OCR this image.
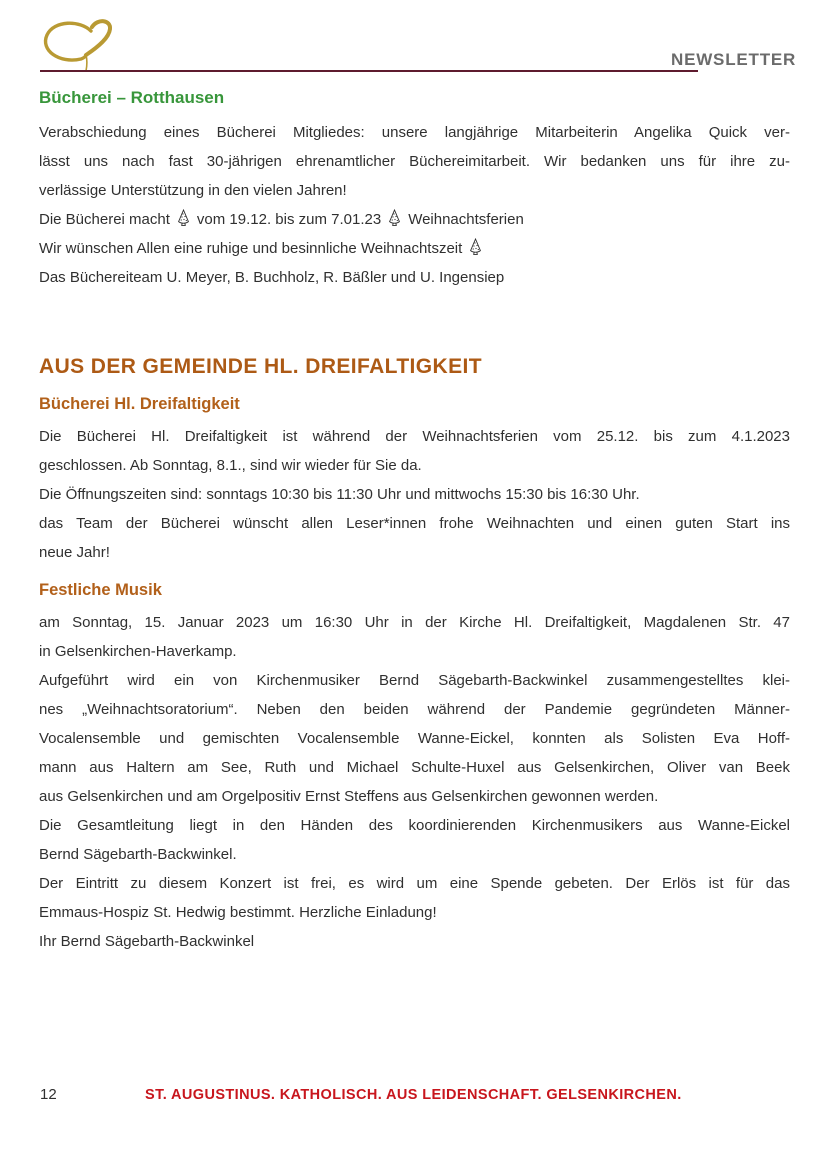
NEWSLETTER
Bücherei – Rotthausen
Verabschiedung eines Bücherei Mitgliedes: unsere langjährige Mitarbeiterin Angelika Quick ver-
lässt uns nach fast 30-jährigen ehrenamtlicher Büchereimitarbeit. Wir bedanken uns für ihre zu-
verlässige Unterstützung in den vielen Jahren!
Die Bücherei macht vom 19.12. bis zum 7.01.23 Weihnachtsferien
Wir wünschen Allen eine ruhige und besinnliche Weihnachtszeit
Das Büchereiteam U. Meyer, B. Buchholz, R. Bäßler und U. Ingensiep
AUS DER GEMEINDE HL. DREIFALTIGKEIT
Bücherei Hl. Dreifaltigkeit
Die Bücherei Hl. Dreifaltigkeit ist während der Weihnachtsferien vom 25.12. bis zum 4.1.2023
geschlossen. Ab Sonntag, 8.1., sind wir wieder für Sie da.
Die Öffnungszeiten sind: sonntags 10:30 bis 11:30 Uhr und mittwochs 15:30 bis 16:30 Uhr.
das Team der Bücherei wünscht allen Leser*innen frohe Weihnachten und einen guten Start ins
neue Jahr!
Festliche Musik
am Sonntag, 15. Januar 2023 um 16:30 Uhr in der Kirche Hl. Dreifaltigkeit, Magdalenen Str. 47
in Gelsenkirchen-Haverkamp.
Aufgeführt wird ein von Kirchenmusiker Bernd Sägebarth-Backwinkel zusammengestelltes klei-
nes „Weihnachtsoratorium“. Neben den beiden während der Pandemie gegründeten Männer-
Vocalensemble und gemischten Vocalensemble Wanne-Eickel, konnten als Solisten Eva Hoff-
mann aus Haltern am See, Ruth und Michael Schulte-Huxel aus Gelsenkirchen, Oliver van Beek
aus Gelsenkirchen und am Orgelpositiv Ernst Steffens aus Gelsenkirchen gewonnen werden.
Die Gesamtleitung liegt in den Händen des koordinierenden Kirchenmusikers aus Wanne-Eickel
Bernd Sägebarth-Backwinkel.
Der Eintritt zu diesem Konzert ist frei, es wird um eine Spende gebeten. Der Erlös ist für das
Emmaus-Hospiz St. Hedwig bestimmt. Herzliche Einladung!
Ihr Bernd Sägebarth-Backwinkel
12	ST. AUGUSTINUS. KATHOLISCH. AUS LEIDENSCHAFT. GELSENKIRCHEN.
